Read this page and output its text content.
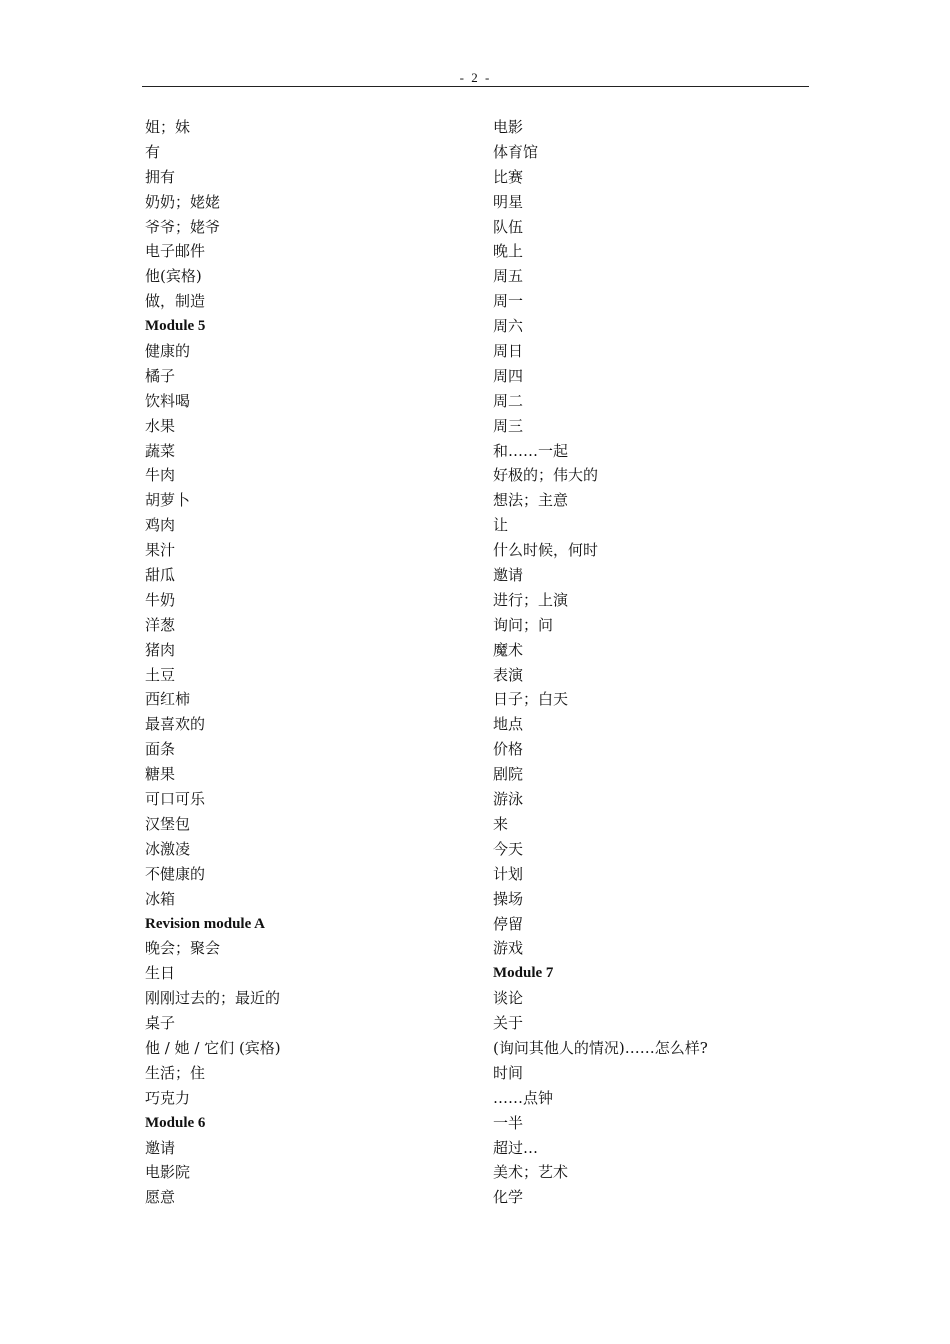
- 2 -
姐；妹
有
拥有
奶奶；姥姥
爷爷；姥爷
电子邮件
他(宾格)
做，制造
Module 5
健康的
橘子
饮料喝
水果
蔬菜
牛肉
胡萝卜
鸡肉
果汁
甜瓜
牛奶
洋葱
猪肉
土豆
西红柿
最喜欢的
面条
糖果
可口可乐
汉堡包
冰激凌
不健康的
冰箱
Revision module A
晚会；聚会
生日
刚刚过去的；最近的
桌子
他 / 她 / 它们 (宾格)
生活；住
巧克力
Module 6
邀请
电影院
愿意
电影
体育馆
比赛
明星
队伍
晚上
周五
周一
周六
周日
周四
周二
周三
和……一起
好极的；伟大的
想法；主意
让
什么时候，何时
邀请
进行；上演
询问；问
魔术
表演
日子；白天
地点
价格
剧院
游泳
来
今天
计划
操场
停留
游戏
Module 7
谈论
关于
(询问其他人的情况)……怎么样?
时间
……点钟
一半
超过…
美术；艺术
化学
